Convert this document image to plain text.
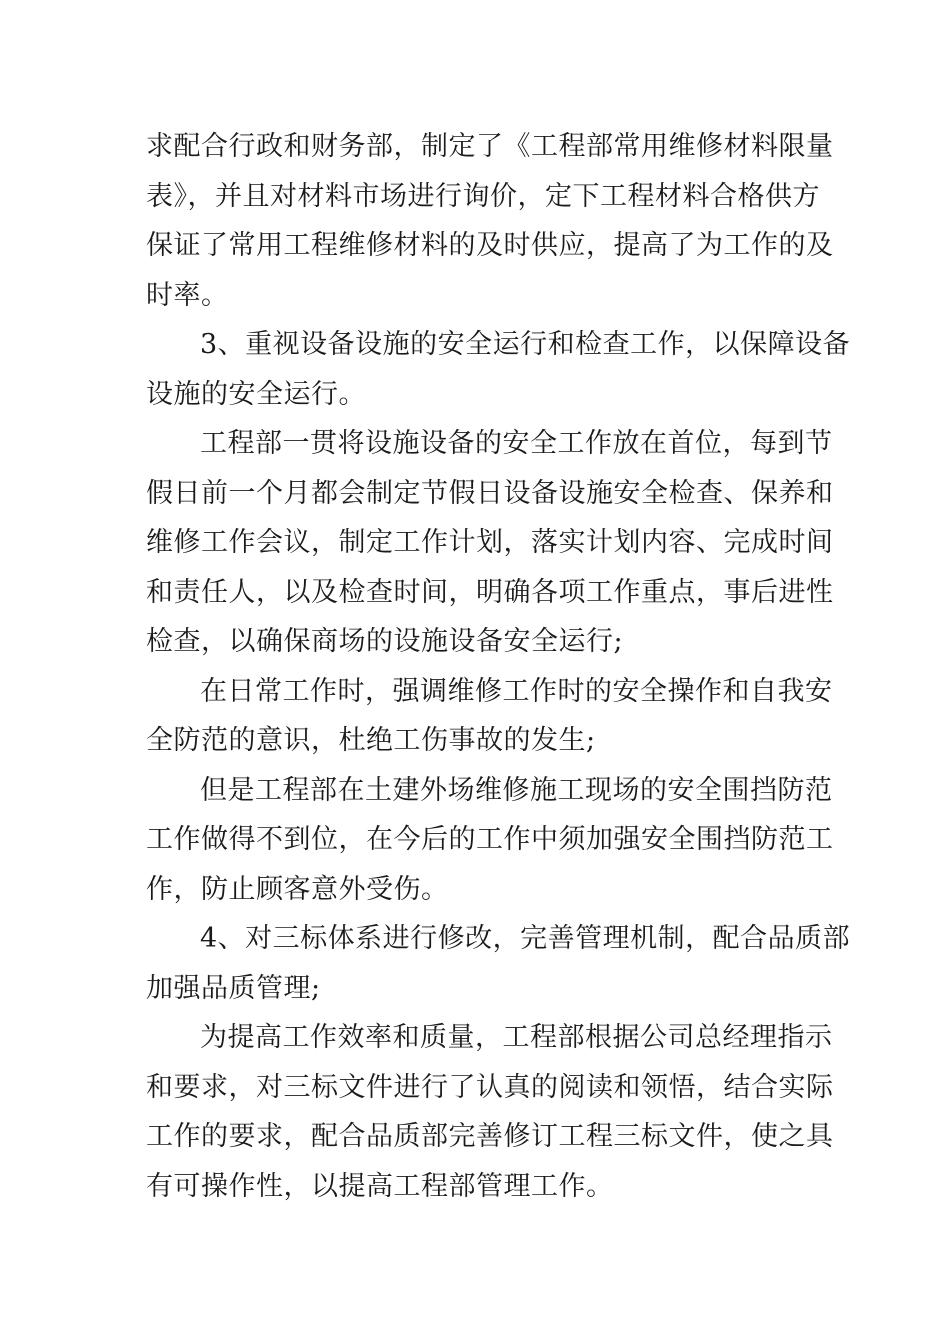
求配合行政和财务部，制定了《工程部常用维修材料限量
表》，并且对材料市场进行询价，定下工程材料合格供方
保证了常用工程维修材料的及时供应，提高了为工作的及
时率。
3、重视设备设施的安全运行和检查工作，以保障设备
设施的安全运行。
工程部一贯将设施设备的安全工作放在首位，每到节
假日前一个月都会制定节假日设备设施安全检查、保养和
维修工作会议，制定工作计划，落实计划内容、完成时间
和责任人，以及检查时间，明确各项工作重点，事后进性
检查，以确保商场的设施设备安全运行;
在日常工作时，强调维修工作时的安全操作和自我安
全防范的意识，杜绝工伤事故的发生;
但是工程部在土建外场维修施工现场的安全围挡防范
工作做得不到位，在今后的工作中须加强安全围挡防范工
作，防止顾客意外受伤。
4、对三标体系进行修改，完善管理机制，配合品质部
加强品质管理;
为提高工作效率和质量，工程部根据公司总经理指示
和要求，对三标文件进行了认真的阅读和领悟，结合实际
工作的要求，配合品质部完善修订工程三标文件，使之具
有可操作性，以提高工程部管理工作。
